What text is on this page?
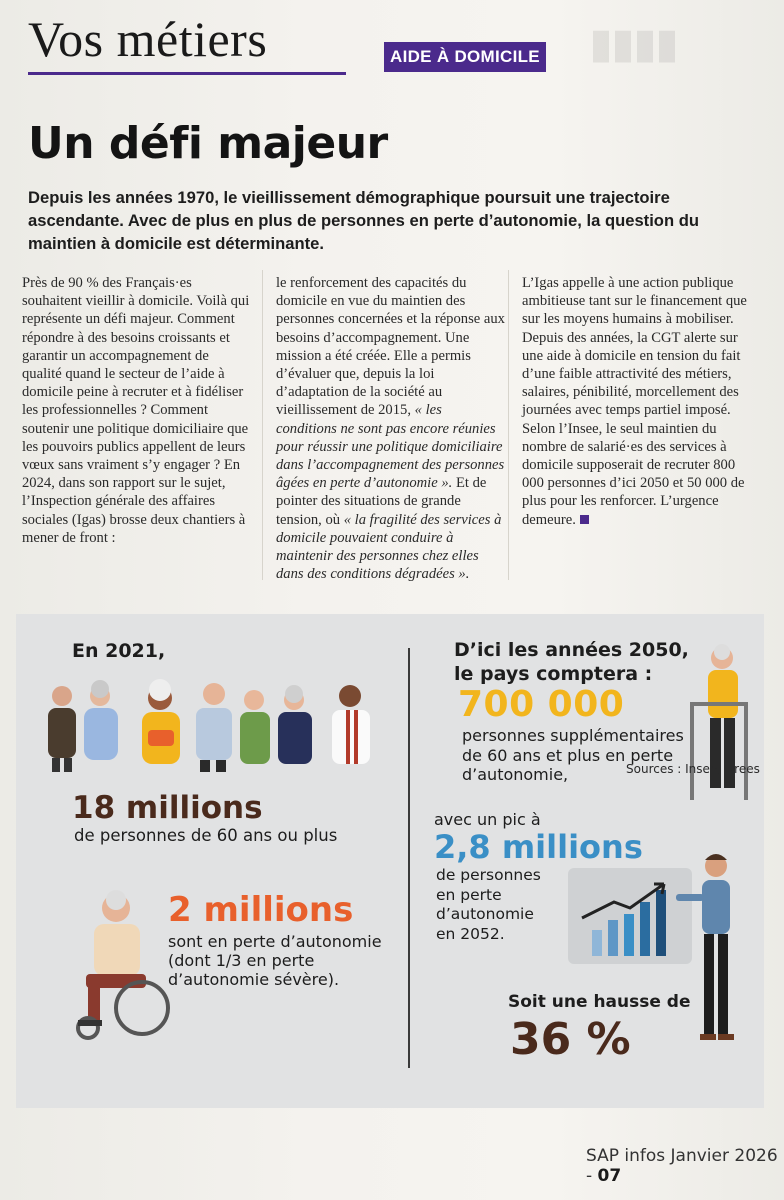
▮▮▮▮
Vos métiers	AIDE À DOMICILE
Un défi majeur

Depuis les années 1970, le vieillissement démographique poursuit une trajectoire ascendante. Avec de plus en plus de personnes en perte d’autonomie, la question du maintien à domicile est déterminante.

Près de 90 % des Français·es souhaitent vieillir à domicile. Voilà qui représente un défi majeur. Comment répondre à des besoins croissants et garantir un accompagnement de qualité quand le secteur de l’aide à domicile peine à recruter et à fidéliser les professionnelles ? Comment soutenir une politique domiciliaire que les pouvoirs publics appellent de leurs vœux sans vraiment s’y engager ? En 2024, dans son rapport sur le sujet, l’Inspection générale des affaires sociales (Igas) brosse deux chantiers à mener de front :

le renforcement des capacités du domicile en vue du maintien des personnes concernées et la réponse aux besoins d’accompagnement. Une mission a été créée. Elle a permis d’évaluer que, depuis la loi d’adaptation de la société au vieillissement de 2015, « les conditions ne sont pas encore réunies pour réussir une politique domiciliaire dans l’accompagnement des personnes âgées en perte d’autonomie ». Et de pointer des situations de grande tension, où « la fragilité des services à domicile pouvaient conduire à maintenir des personnes chez elles dans des conditions dégradées ».

L’Igas appelle à une action publique ambitieuse tant sur le financement que sur les moyens humains à mobiliser. Depuis des années, la CGT alerte sur une aide à domicile en tension du fait d’une faible attractivité des métiers, salaires, pénibilité, morcellement des journées avec temps partiel imposé. Selon l’Insee, le seul maintien du nombre de salarié·es des services à domicile supposerait de recruter 800 000 personnes d’ici 2050 et 50 000 de plus pour les renforcer. L’urgence demeure.

En 2021,
18 millions
de personnes de 60 ans ou plus
2 millions
sont en perte d’autonomie
(dont 1/3 en perte
d’autonomie sévère).
D’ici les années 2050,
le pays comptera :
700 000
personnes supplémentaires
de 60 ans et plus en perte
d’autonomie,
avec un pic à
2,8 millions
de personnes
en perte
d’autonomie
en 2052.
Soit une hausse de
36 %
Sources : Insee, Drees
SAP infos Janvier 2026 - 07
